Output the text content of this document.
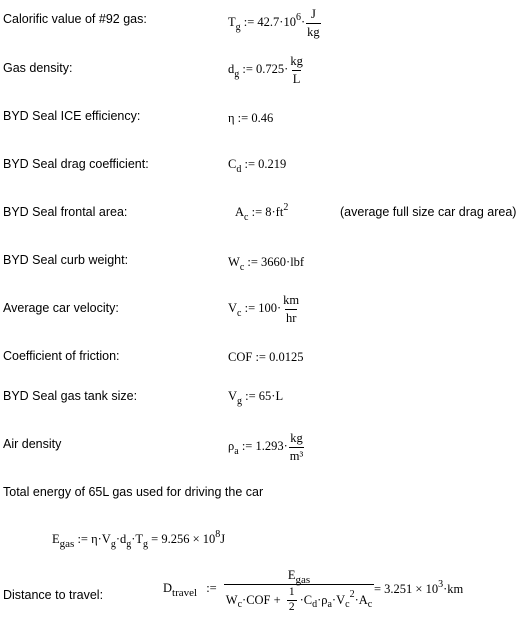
Calorific value of #92 gas:	$T_g$ := $42.7\cdot 10^6\cdot \frac{J}{kg}$
Gas density:	$d_g$ := $0.725\cdot \frac{kg}{L}$
BYD Seal ICE efficiency:	η := 0.46
BYD Seal drag coefficient:	$C_d$ := 0.219
BYD Seal frontal area:	$A_c$ := $8\cdot ft^2$	(average full size car drag area)
BYD Seal curb weight:	$W_c$ := 3660·lbf
Average car velocity:	$V_c$ := $100\cdot \frac{km}{hr}$
Coefficient of friction:	COF := 0.0125
BYD Seal gas tank size:	$V_g$ := 65·L
Air density	$\rho_a$ := $1.293\cdot \frac{kg}{\text{m³}}$
Total energy of 65L gas used for driving the car
Egas := $\eta\cdot V_g\cdot d_g\cdot T_g = 9.256 \times 10^8J$
Distance to travel:	Dtravel :=
Egas
W $c \cdot COF + \frac{1}{2} \cdot C$ d ·ρ a ·V c
2 ·A c
= $3.251 \times 10^3\cdot km$
